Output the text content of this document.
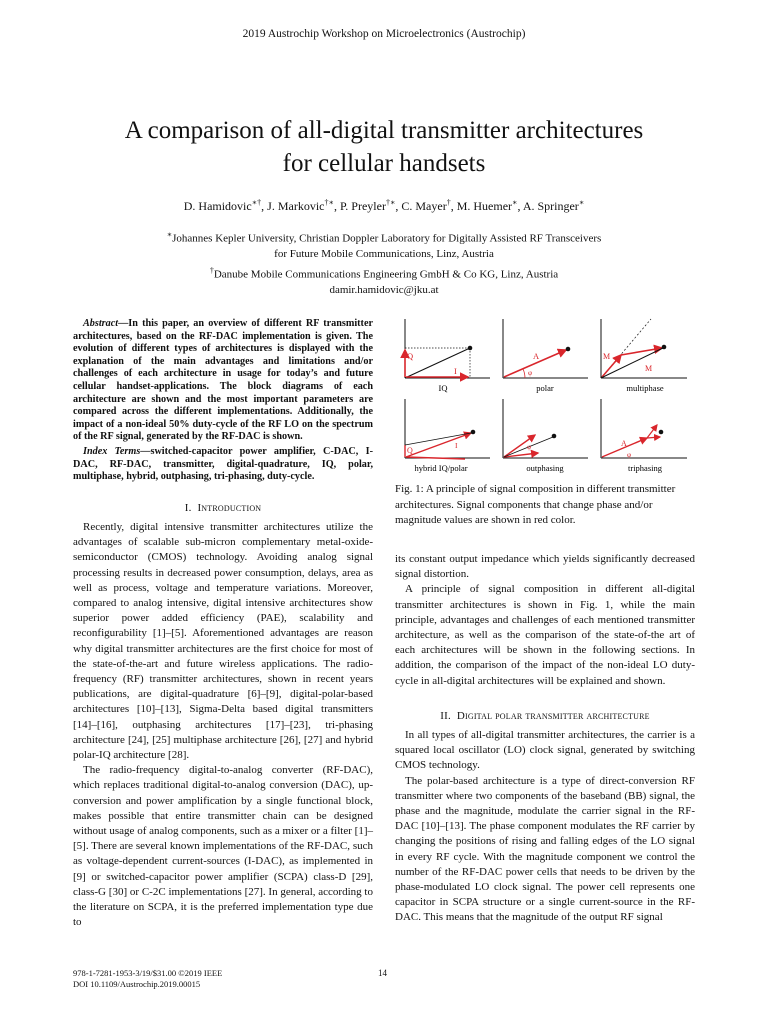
2019 Austrochip Workshop on Microelectronics (Austrochip)
A comparison of all-digital transmitter architectures
for cellular handsets
D. Hamidovic∗†, J. Markovic†∗, P. Preyler†∗, C. Mayer†, M. Huemer∗, A. Springer∗
∗Johannes Kepler University, Christian Doppler Laboratory for Digitally Assisted RF Transceivers
for Future Mobile Communications, Linz, Austria
†Danube Mobile Communications Engineering GmbH & Co KG, Linz, Austria
damir.hamidovic@jku.at

Abstract—In this paper, an overview of different RF transmitter architectures, based on the RF-DAC implementation is given. The evolution of different types of architectures is displayed with the explanation of the main advantages and limitations and/or challenges of each architecture in usage for today’s and future cellular handset-applications. The block diagrams of each architecture are shown and the most important parameters are compared across the different implementations. Additionally, the impact of a non-ideal 50% duty-cycle of the RF LO on the spectrum of the RF signal, generated by the RF-DAC is shown.

Index Terms—switched-capacitor power amplifier, C-DAC, I-DAC, RF-DAC, transmitter, digital-quadrature, IQ, polar, multiphase, hybrid, outphasing, tri-phasing, duty-cycle.

I. Introduction

Recently, digital intensive transmitter architectures utilize the advantages of scalable sub-micron complementary metal-oxide-semiconductor (CMOS) technology. Avoiding analog signal processing results in decreased power consumption, delays, area as well as process, voltage and temperature variations. Moreover, compared to analog intensive, digital intensive architectures show superior power added efficiency (PAE), scalability and reconfigurability [1]–[5]. Aforementioned advantages are reason why digital transmitter architectures are the first choice for most of the state-of-the-art and future wireless applications. The radio-frequency (RF) transmitter architectures, shown in recent years publications, are digital-quadrature [6]–[9], digital-polar-based architectures [10]–[13], Sigma-Delta based digital transmitters [14]–[16], outphasing architectures [17]–[23], tri-phasing architecture [24], [25] multiphase architecture [26], [27] and hybrid polar-IQ architecture [28].

The radio-frequency digital-to-analog converter (RF-DAC), which replaces traditional digital-to-analog conversion (DAC), up-conversion and power amplification by a single functional block, makes possible that entire transmitter chain can be designed without usage of analog components, such as a mixer or a filter [1]–[5]. There are several known implementations of the RF-DAC, such as voltage-dependent current-sources (I-DAC), as implemented in [9] or switched-capacitor power amplifier (SCPA) class-D [29], class-G [30] or C-2C implementations [27]. In general, according to the literature on SCPA, it is the preferred implementation type due to

Q
I
IQ
A
φ
polar
M
M
multiphase
Q
I
hybrid IQ/polar
φ
outphasing
A
φ
triphasing
Fig. 1: A principle of signal composition in different transmitter architectures. Signal components that change phase and/or magnitude values are shown in red color.

its constant output impedance which yields significantly decreased signal distortion.

A principle of signal composition in different all-digital transmitter architectures is shown in Fig. 1, while the main principle, advantages and challenges of each mentioned transmitter architecture, as well as the comparison of the state-of-the art of each architectures will be shown in the following sections. In addition, the comparison of the impact of the non-ideal LO duty-cycle in all-digital architectures will be explained and shown.

II. Digital polar transmitter architecture

In all types of all-digital transmitter architectures, the carrier is a squared local oscillator (LO) clock signal, generated by switching CMOS technology.

The polar-based architecture is a type of direct-conversion RF transmitter where two components of the baseband (BB) signal, the phase and the magnitude, modulate the carrier signal in the RF-DAC [10]–[13]. The phase component modulates the RF carrier by changing the positions of rising and falling edges of the LO signal in every RF cycle. With the magnitude component we control the number of the RF-DAC power cells that needs to be driven by the phase-modulated LO clock signal. The power cell represents one capacitor in SCPA structure or a single current-source in the RF-DAC. This means that the magnitude of the output RF signal

978-1-7281-1953-3/19/$31.00 ©2019 IEEE
DOI 10.1109/Austrochip.2019.00015
14
